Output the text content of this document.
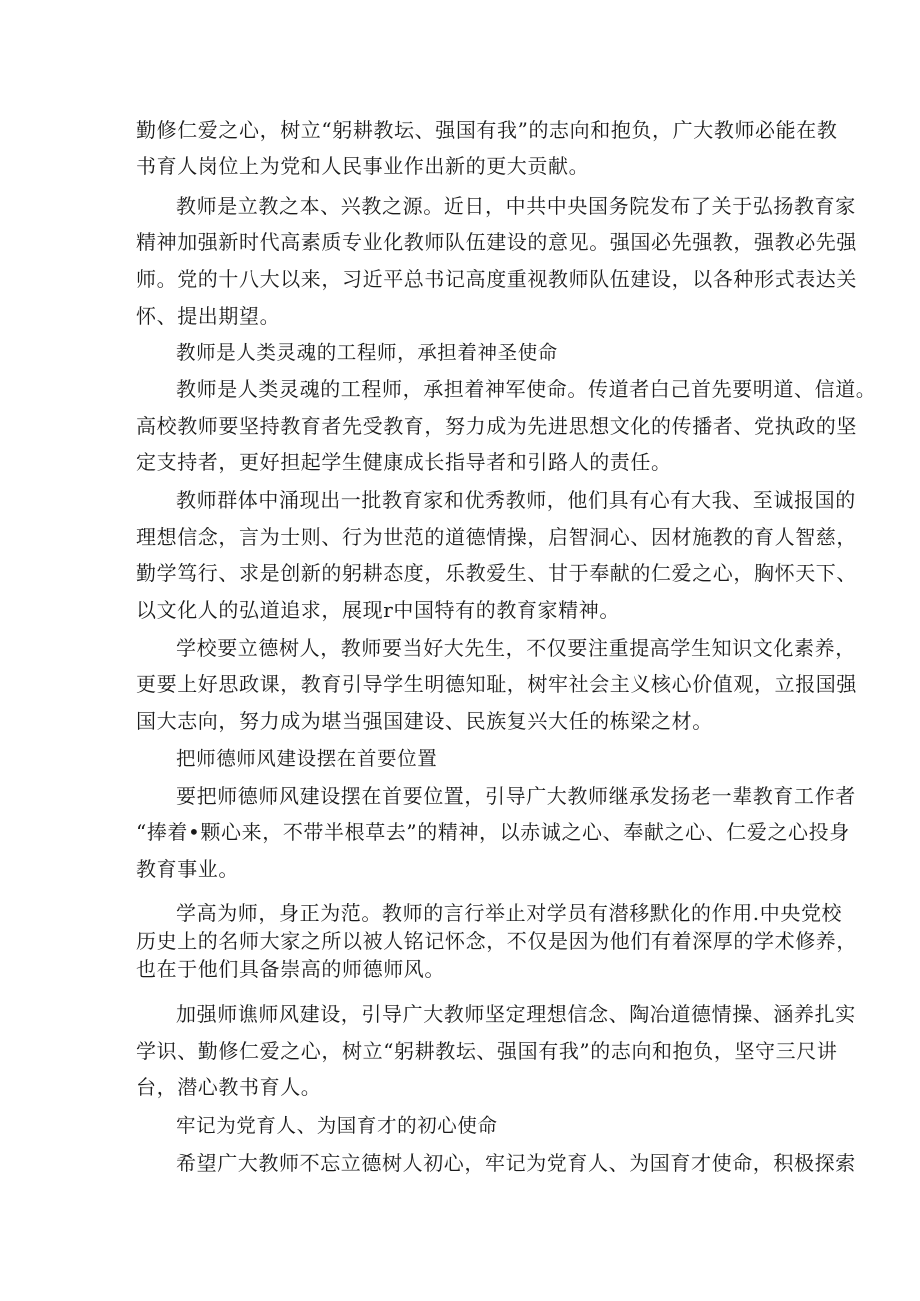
勤修仁爱之心，树立“躬耕教坛、强国有我”的志向和抱负，广大教师必能在教
书育人岗位上为党和人民事业作出新的更大贡献。
教师是立教之本、兴教之源。近日，中共中央国务院发布了关于弘扬教育家
精神加强新时代高素质专业化教师队伍建设的意见。强国必先强教，强教必先强
师。党的十八大以来，习近平总书记高度重视教师队伍建设，以各种形式表达关
怀、提出期望。
教师是人类灵魂的工程师，承担着神圣使命
教师是人类灵魂的工程师，承担着神军使命。传道者白己首先要明道、信道。
高校教师要坚持教育者先受教育，努力成为先进思想文化的传播者、党执政的坚
定支持者，更好担起学生健康成长指导者和引路人的责任。
教师群体中涌现出一批教育家和优秀教师，他们具有心有大我、至诚报国的
理想信念，言为士则、行为世范的道德情操，启智洞心、因材施教的育人智慈，
勤学笃行、求是创新的躬耕态度，乐教爱生、甘于奉献的仁爱之心，胸怀天下、
以文化人的弘道追求，展现r中国特有的教育家精神。
学校要立德树人，教师要当好大先生，不仅要注重提高学生知识文化素养，
更要上好思政课，教育引导学生明德知耻，树牢社会主义核心价值观，立报国强
国大志向，努力成为堪当强国建设、民族复兴大任的栋梁之材。
把师德师风建设摆在首要位置
要把师德师风建设摆在首要位置，引导广大教师继承发扬老一辈教育工作者
“捧着•颗心来，不带半根草去”的精神，以赤诚之心、奉献之心、仁爱之心投身
教育事业。
学高为师，身正为范。教师的言行举止对学员有潜移默化的作用.中央党校
历史上的名师大家之所以被人铭记怀念，不仅是因为他们有着深厚的学术修养，
也在于他们具备崇高的师德师风。
加强师谯师风建设，引导广大教师坚定理想信念、陶冶道德情操、涵养扎实
学识、勤修仁爱之心，树立“躬耕教坛、强国有我”的志向和抱负，坚守三尺讲
台，潜心教书育人。
牢记为党育人、为国育才的初心使命
希望广大教师不忘立德树人初心，牢记为党育人、为国育才使命，积极探索
